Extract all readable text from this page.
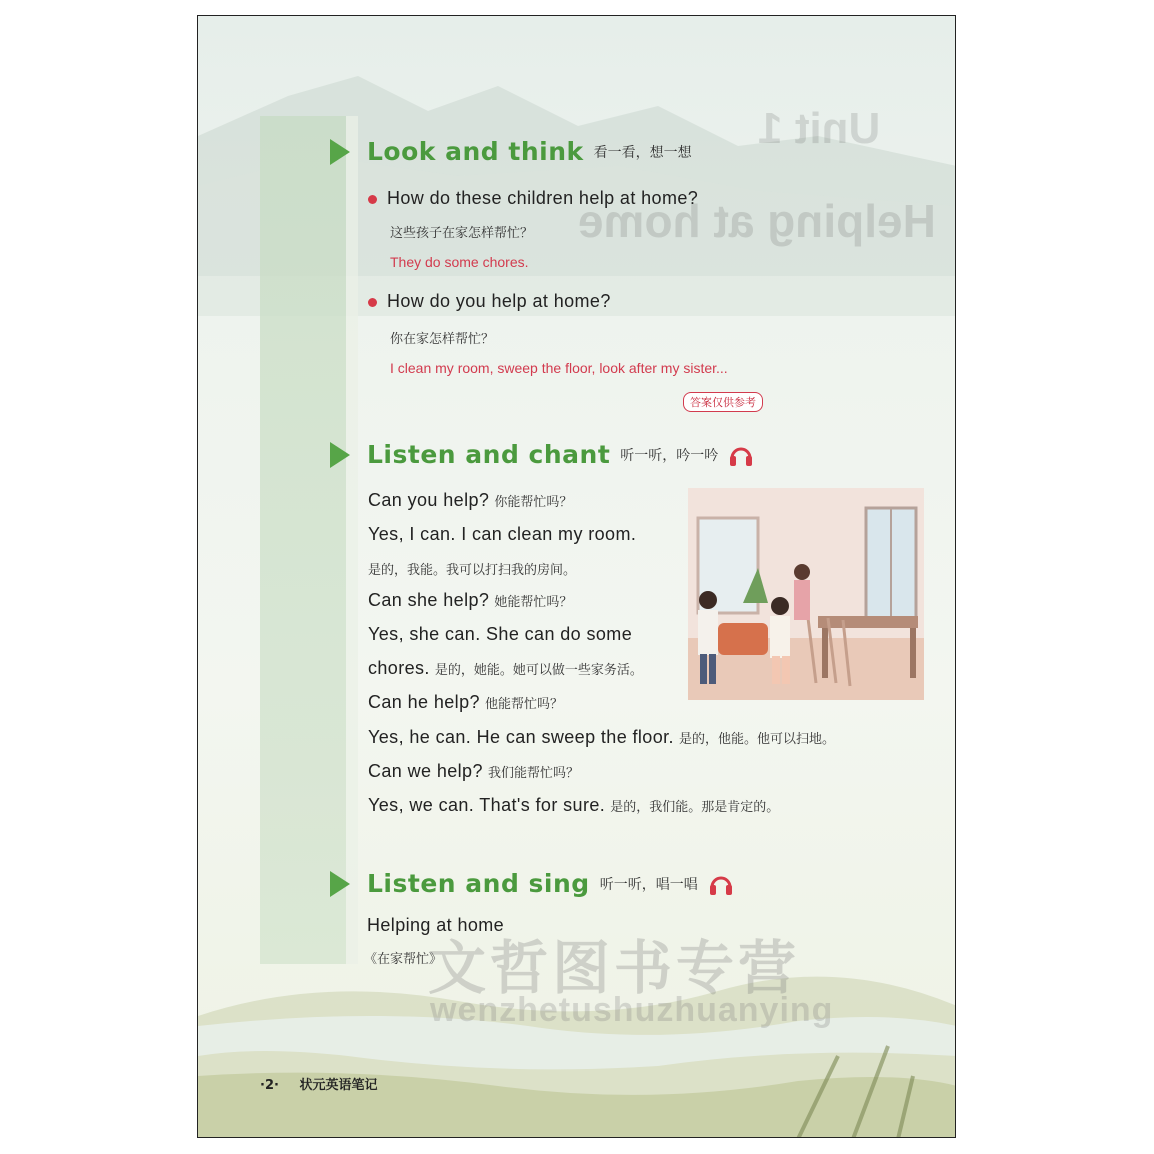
Unit 1
Helping at home
Look and think 看一看，想一想
How do these children help at home?
这些孩子在家怎样帮忙？
They do some chores.
How do you help at home?
你在家怎样帮忙？
I clean my room, sweep the floor, look after my sister...
答案仅供参考
Listen and chant 听一听，吟一吟
Can you help? 你能帮忙吗？
Yes, I can. I can clean my room.
是的，我能。我可以打扫我的房间。
Can she help? 她能帮忙吗？
Yes, she can. She can do some
chores. 是的，她能。她可以做一些家务活。
Can he help? 他能帮忙吗？
Yes, he can. He can sweep the floor. 是的，他能。他可以扫地。
Can we help? 我们能帮忙吗？
Yes, we can. That's for sure. 是的，我们能。那是肯定的。
Listen and sing 听一听，唱一唱
Helping at home
《在家帮忙》
文哲图书专营
wenzhetushuzhuanying
·2· 状元英语笔记
